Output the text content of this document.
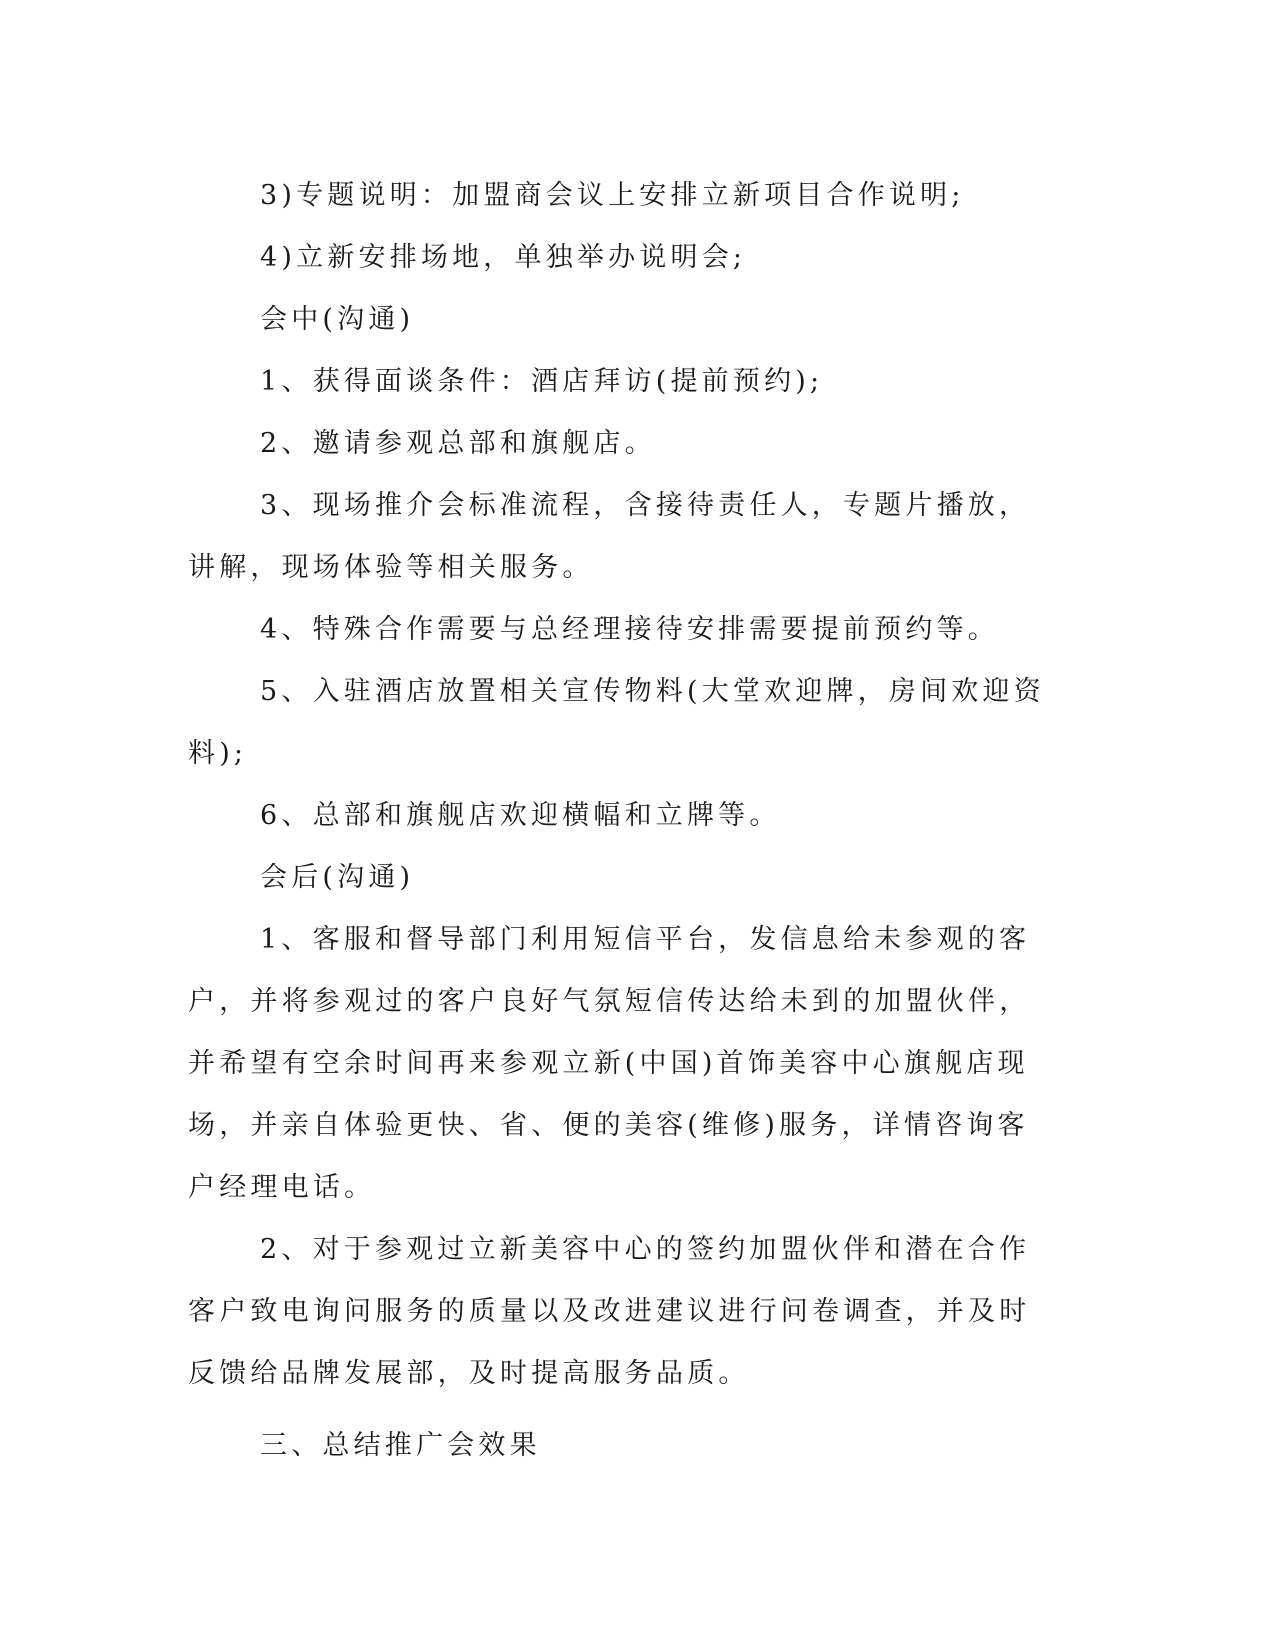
3)专题说明：加盟商会议上安排立新项目合作说明;

4)立新安排场地，单独举办说明会;

会中(沟通)

1、获得面谈条件：酒店拜访(提前预约);

2、邀请参观总部和旗舰店。

3、现场推介会标准流程，含接待责任人，专题片播放，讲解，现场体验等相关服务。

4、特殊合作需要与总经理接待安排需要提前预约等。

5、入驻酒店放置相关宣传物料(大堂欢迎牌，房间欢迎资料);

6、总部和旗舰店欢迎横幅和立牌等。

会后(沟通)

1、客服和督导部门利用短信平台，发信息给未参观的客户，并将参观过的客户良好气氛短信传达给未到的加盟伙伴，并希望有空余时间再来参观立新(中国)首饰美容中心旗舰店现场，并亲自体验更快、省、便的美容(维修)服务，详情咨询客户经理电话。

2、对于参观过立新美容中心的签约加盟伙伴和潜在合作客户致电询问服务的质量以及改进建议进行问卷调查，并及时反馈给品牌发展部，及时提高服务品质。

三、总结推广会效果
